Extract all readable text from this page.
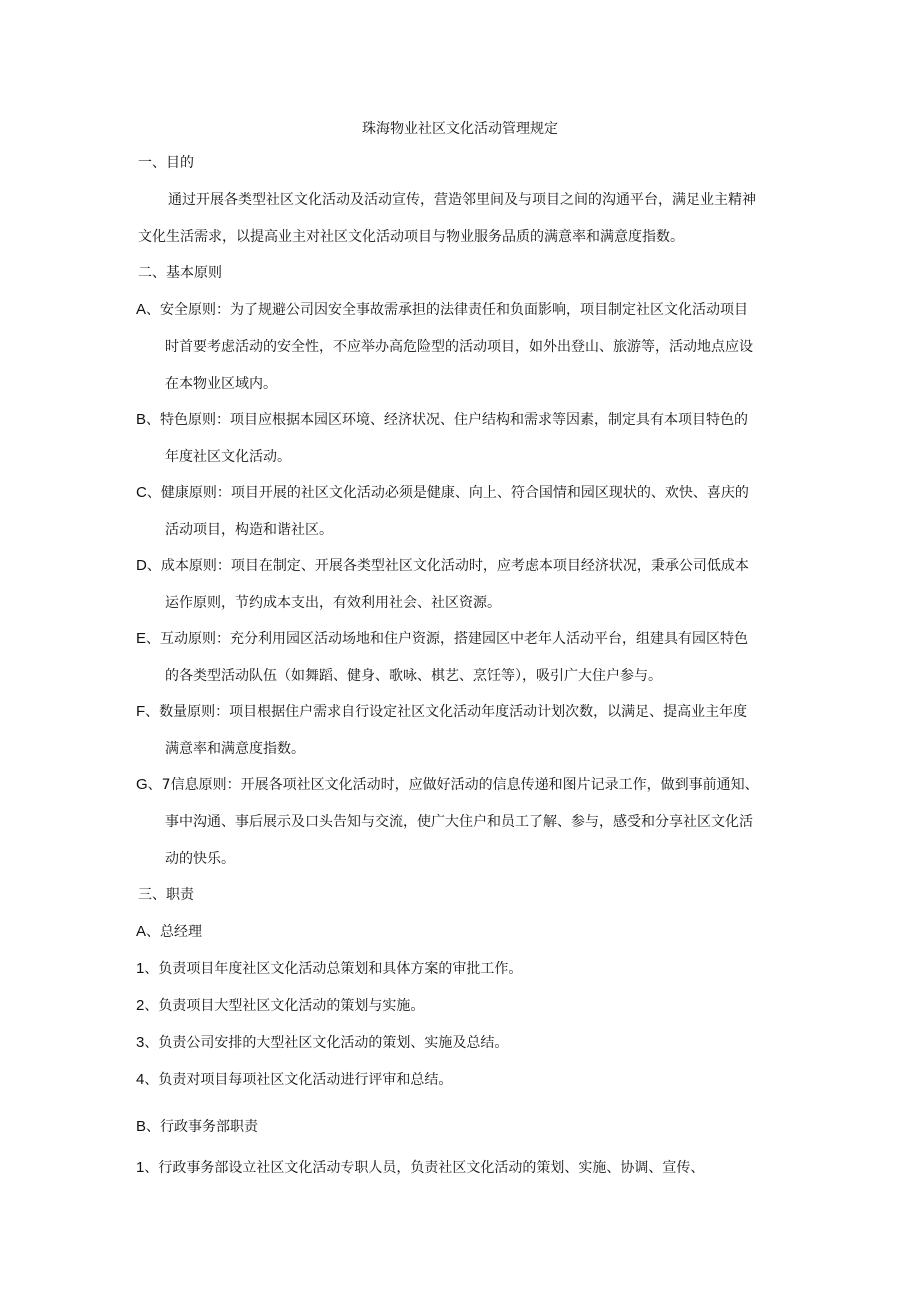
珠海物业社区文化活动管理规定
一、目的
通过开展各类型社区文化活动及活动宣传，营造邻里间及与项目之间的沟通平台，满足业主精神
文化生活需求，以提高业主对社区文化活动项目与物业服务品质的满意率和满意度指数。
二、基本原则
A、安全原则：为了规避公司因安全事故需承担的法律责任和负面影响，项目制定社区文化活动项目
时首要考虑活动的安全性，不应举办高危险型的活动项目，如外出登山、旅游等，活动地点应设
在本物业区域内。
B、特色原则：项目应根据本园区环境、经济状况、住户结构和需求等因素，制定具有本项目特色的
年度社区文化活动。
C、健康原则：项目开展的社区文化活动必须是健康、向上、符合国情和园区现状的、欢快、喜庆的
活动项目，构造和谐社区。
D、成本原则：项目在制定、开展各类型社区文化活动时，应考虑本项目经济状况，秉承公司低成本
运作原则，节约成本支出，有效利用社会、社区资源。
E、互动原则：充分利用园区活动场地和住户资源，搭建园区中老年人活动平台，组建具有园区特色
的各类型活动队伍（如舞蹈、健身、歌咏、棋艺、烹饪等），吸引广大住户参与。
F、数量原则：项目根据住户需求自行设定社区文化活动年度活动计划次数，以满足、提高业主年度
满意率和满意度指数。
G、7信息原则：开展各项社区文化活动时，应做好活动的信息传递和图片记录工作，做到事前通知、
事中沟通、事后展示及口头告知与交流，使广大住户和员工了解、参与，感受和分享社区文化活
动的快乐。
三、职责
A、总经理
1、负责项目年度社区文化活动总策划和具体方案的审批工作。
2、负责项目大型社区文化活动的策划与实施。
3、负责公司安排的大型社区文化活动的策划、实施及总结。
4、负责对项目每项社区文化活动进行评审和总结。
B、行政事务部职责
1、行政事务部设立社区文化活动专职人员，负责社区文化活动的策划、实施、协调、宣传、
